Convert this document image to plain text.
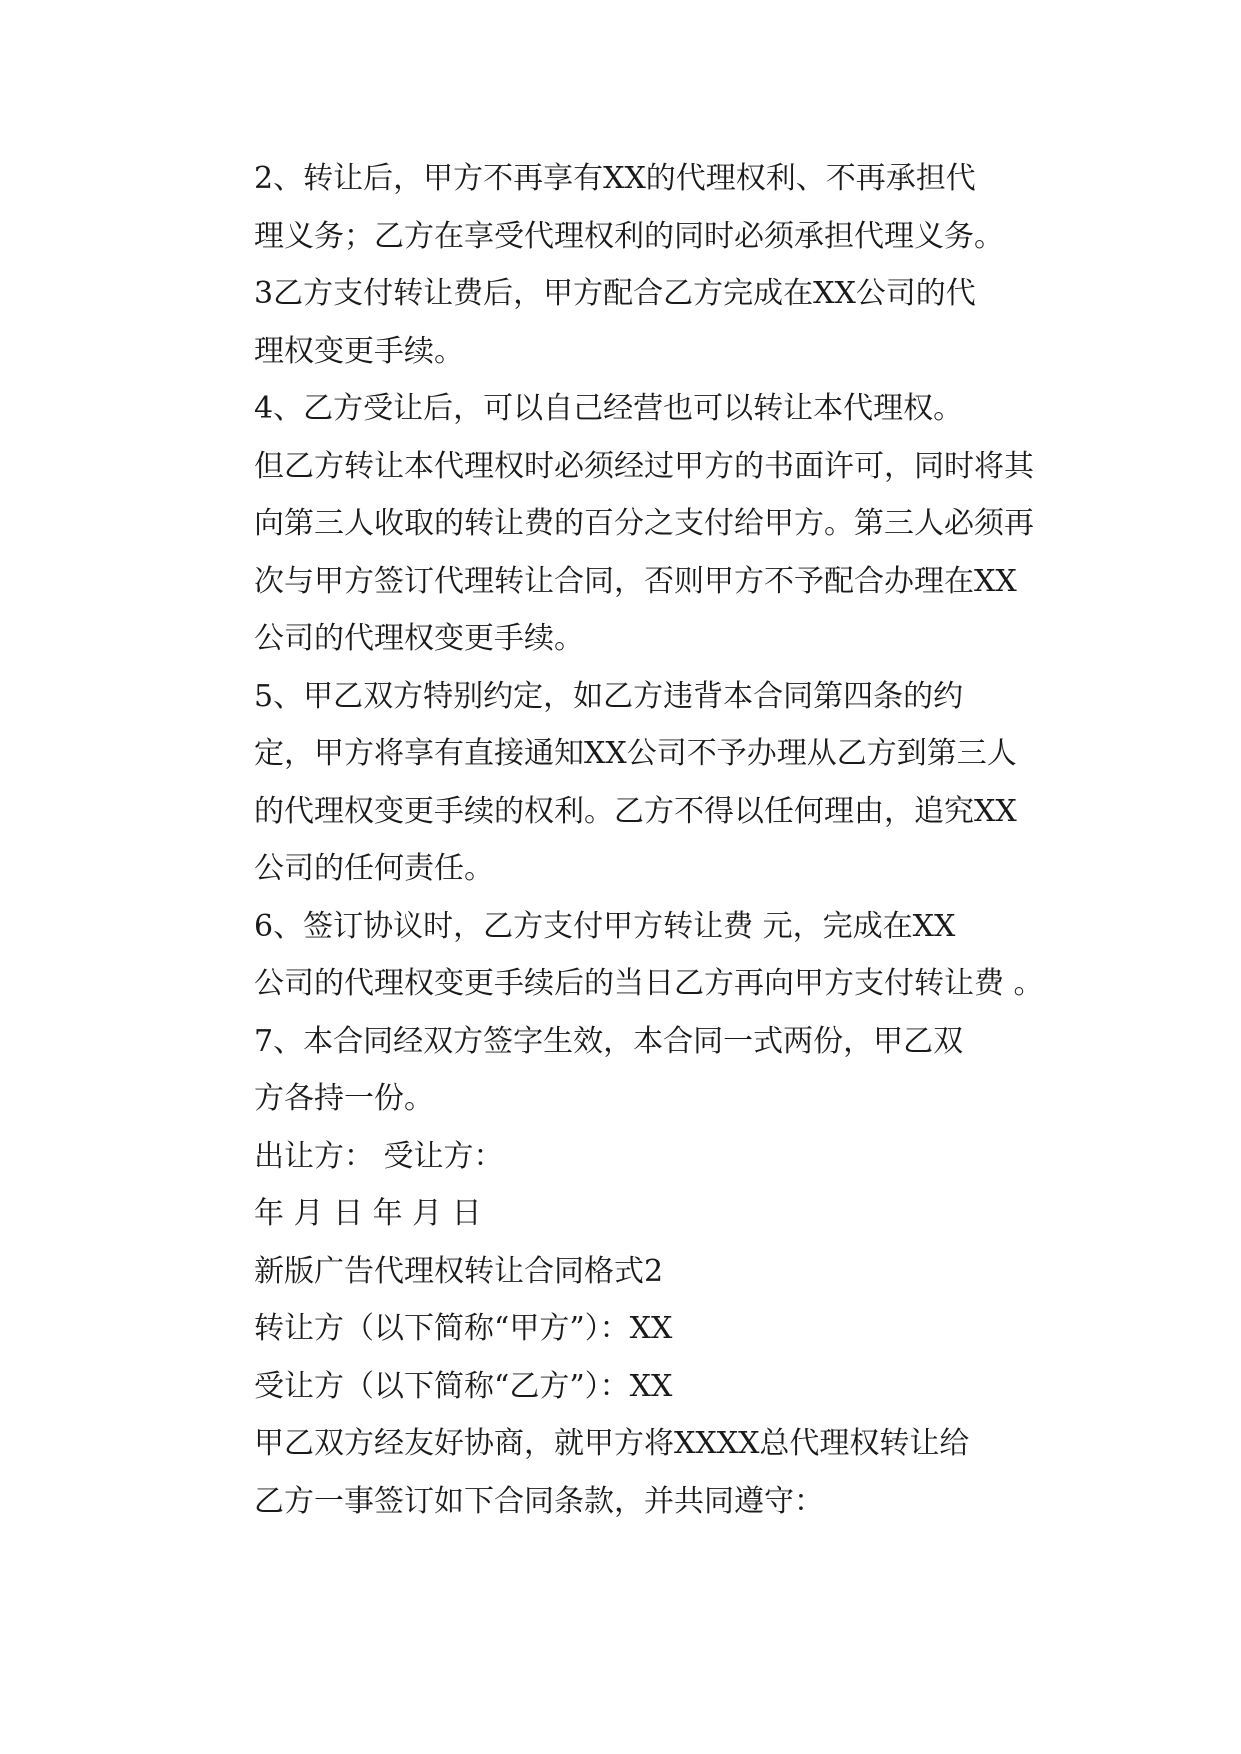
2、转让后，甲方不再享有XX的代理权利、不再承担代
理义务；乙方在享受代理权利的同时必须承担代理义务。

3乙方支付转让费后，甲方配合乙方完成在XX公司的代
理权变更手续。

4、乙方受让后，可以自己经营也可以转让本代理权。
但乙方转让本代理权时必须经过甲方的书面许可，同时将其
向第三人收取的转让费的百分之支付给甲方。第三人必须再
次与甲方签订代理转让合同，否则甲方不予配合办理在XX
公司的代理权变更手续。

5、甲乙双方特别约定，如乙方违背本合同第四条的约
定，甲方将享有直接通知XX公司不予办理从乙方到第三人
的代理权变更手续的权利。乙方不得以任何理由，追究XX
公司的任何责任。

6、签订协议时，乙方支付甲方转让费 元，完成在XX
公司的代理权变更手续后的当日乙方再向甲方支付转让费 。

7、本合同经双方签字生效，本合同一式两份，甲乙双
方各持一份。

出让方： 受让方：

年 月 日 年 月 日

新版广告代理权转让合同格式2

转让方（以下简称“甲方”）：XX

受让方（以下简称“乙方”）：XX

甲乙双方经友好协商，就甲方将XXXX总代理权转让给
乙方一事签订如下合同条款，并共同遵守：
